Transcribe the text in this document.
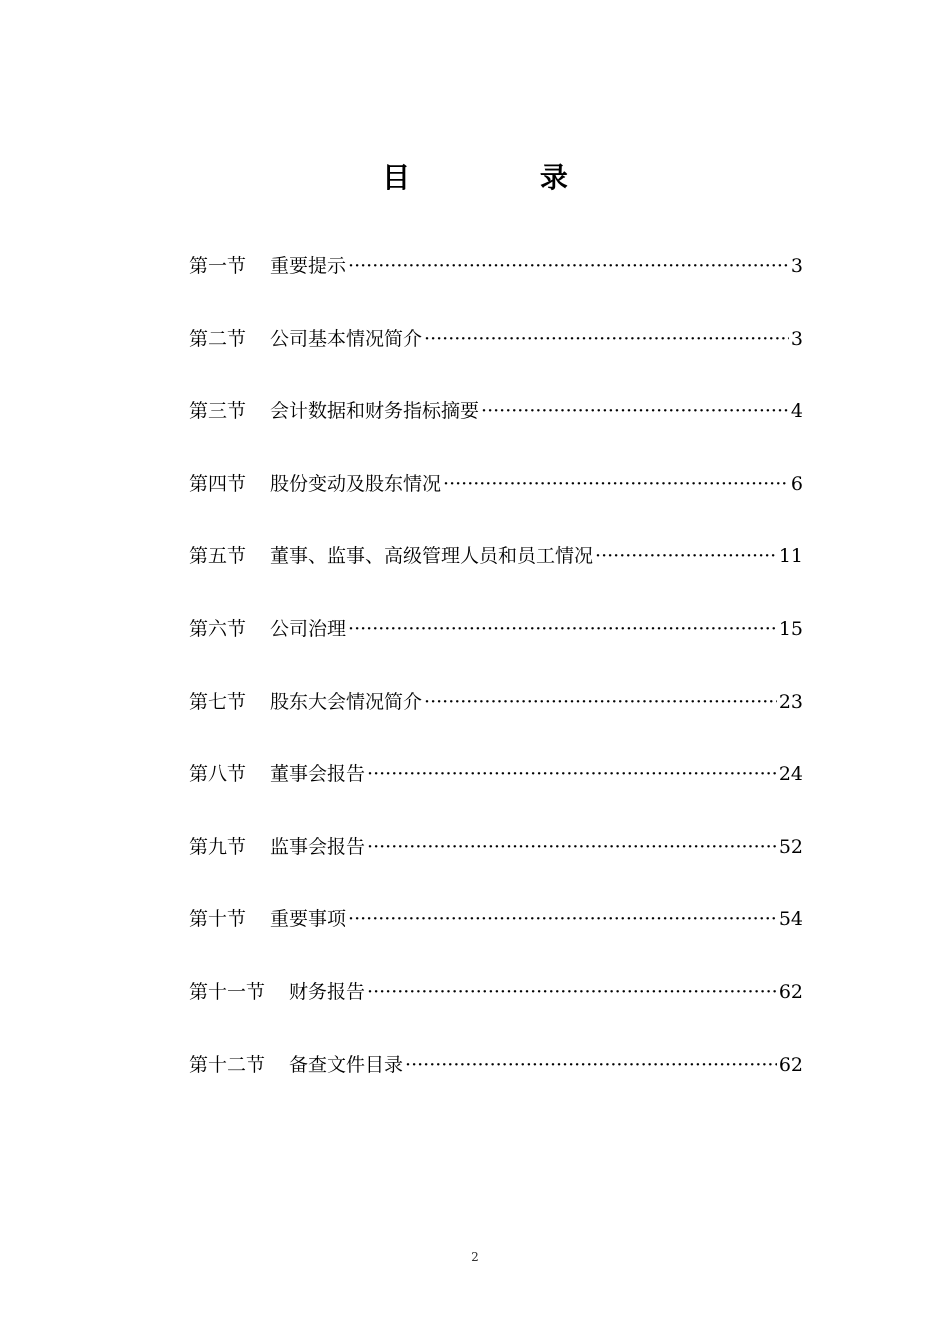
目 录
第一节 重要提示 ·····	3
第二节 公司基本情况简介 ·····	3
第三节 会计数据和财务指标摘要 ·····	4
第四节 股份变动及股东情况 ·····	6
第五节 董事、监事、高级管理人员和员工情况 ·····	11
第六节 公司治理 ·····	15
第七节 股东大会情况简介 ·····	23
第八节 董事会报告 ·····	24
第九节 监事会报告 ·····	52
第十节 重要事项 ·····	54
第十一节 财务报告 ·····	62
第十二节 备查文件目录 ·····	62
2
